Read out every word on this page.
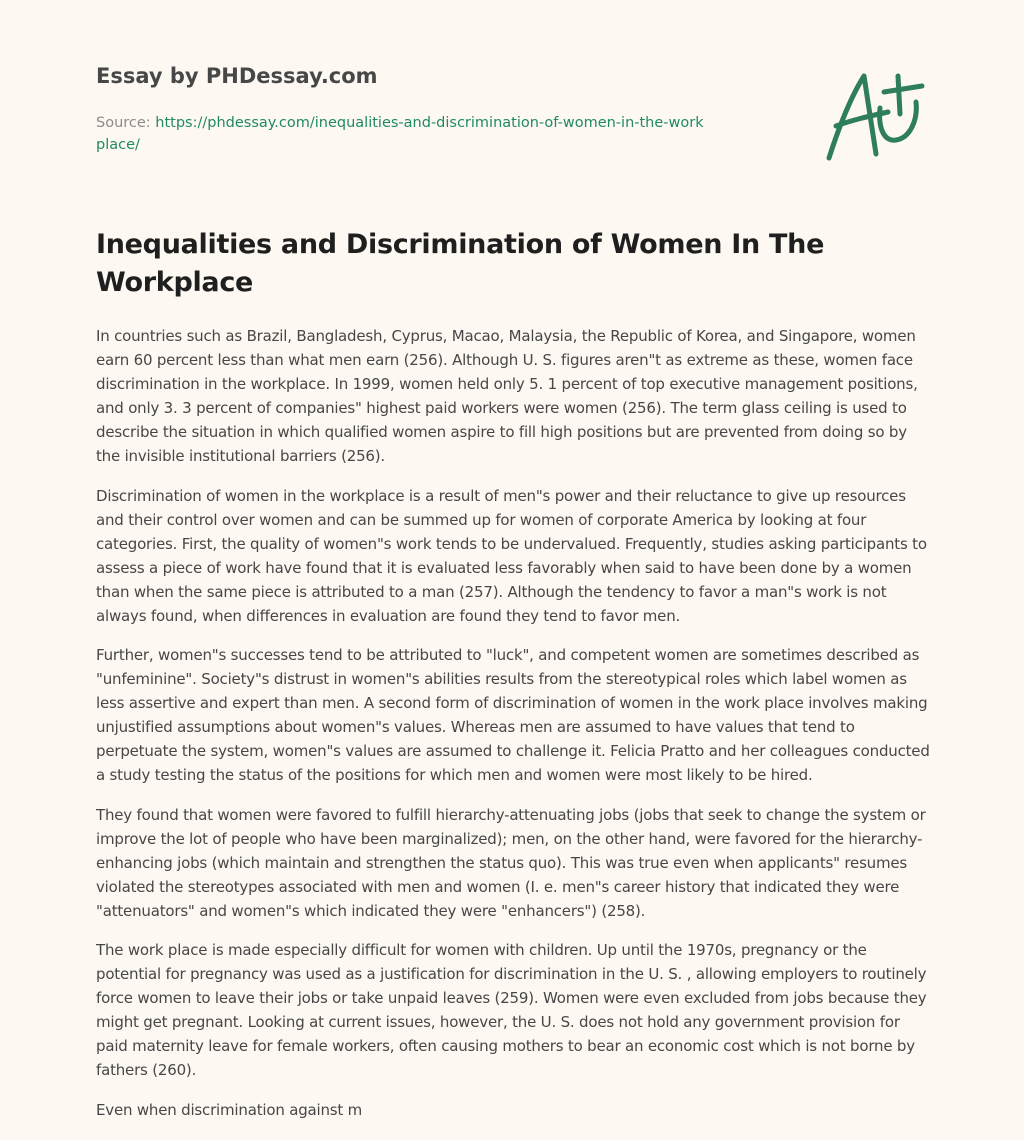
Essay by PHDessay.com
Source: https://phdessay.com/inequalities-and-discrimination-of-women-in-the-workplace/
Inequalities and Discrimination of Women In The Workplace

In countries such as Brazil, Bangladesh, Cyprus, Macao, Malaysia, the Republic of Korea, and Singapore, women earn 60 percent less than what men earn (256). Although U. S. figures aren"t as extreme as these, women face discrimination in the workplace. In 1999, women held only 5. 1 percent of top executive management positions, and only 3. 3 percent of companies" highest paid workers were women (256). The term glass ceiling is used to describe the situation in which qualified women aspire to fill high positions but are prevented from doing so by the invisible institutional barriers (256).

Discrimination of women in the workplace is a result of men"s power and their reluctance to give up resources and their control over women and can be summed up for women of corporate America by looking at four categories. First, the quality of women"s work tends to be undervalued. Frequently, studies asking participants to assess a piece of work have found that it is evaluated less favorably when said to have been done by a women than when the same piece is attributed to a man (257). Although the tendency to favor a man"s work is not always found, when differences in evaluation are found they tend to favor men.

Further, women"s successes tend to be attributed to "luck", and competent women are sometimes described as "unfeminine". Society"s distrust in women"s abilities results from the stereotypical roles which label women as less assertive and expert than men. A second form of discrimination of women in the work place involves making unjustified assumptions about women"s values. Whereas men are assumed to have values that tend to perpetuate the system, women"s values are assumed to challenge it. Felicia Pratto and her colleagues conducted a study testing the status of the positions for which men and women were most likely to be hired.

They found that women were favored to fulfill hierarchy-attenuating jobs (jobs that seek to change the system or improve the lot of people who have been marginalized); men, on the other hand, were favored for the hierarchy-enhancing jobs (which maintain and strengthen the status quo). This was true even when applicants" resumes violated the stereotypes associated with men and women (I. e. men"s career history that indicated they were "attenuators" and women"s which indicated they were "enhancers") (258).

The work place is made especially difficult for women with children. Up until the 1970s, pregnancy or the potential for pregnancy was used as a justification for discrimination in the U. S. , allowing employers to routinely force women to leave their jobs or take unpaid leaves (259). Women were even excluded from jobs because they might get pregnant. Looking at current issues, however, the U. S. does not hold any government provision for paid maternity leave for female workers, often causing mothers to bear an economic cost which is not borne by fathers (260).

Even when discrimination against m
